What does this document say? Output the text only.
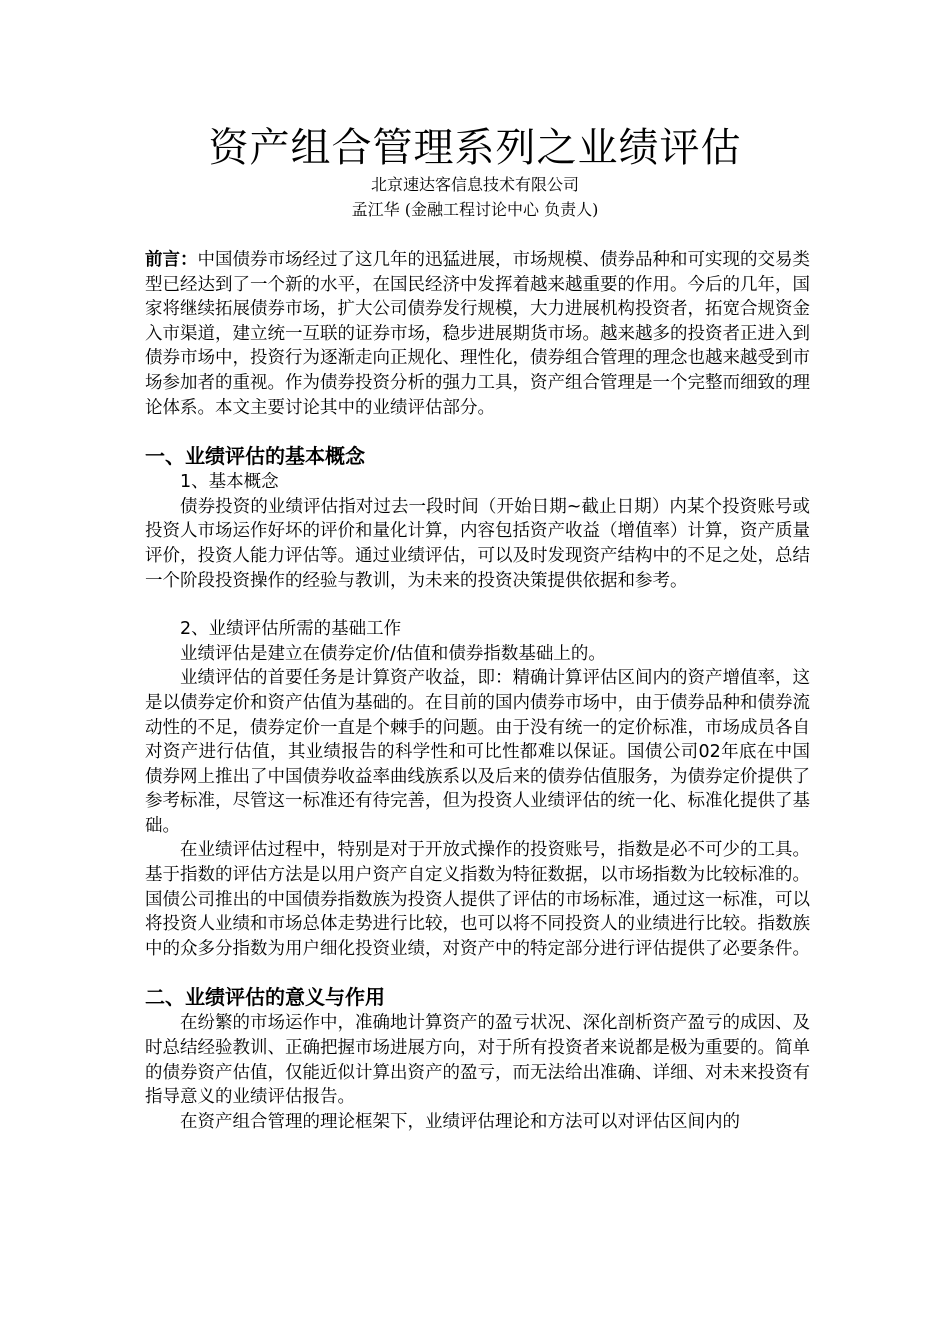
资产组合管理系列之业绩评估

北京速达客信息技术有限公司

孟江华 (金融工程讨论中心 负责人)

前言：中国债券市场经过了这几年的迅猛进展，市场规模、债券品种和可实现的交易类型已经达到了一个新的水平，在国民经济中发挥着越来越重要的作用。今后的几年，国家将继续拓展债券市场，扩大公司债券发行规模，大力进展机构投资者，拓宽合规资金入市渠道，建立统一互联的证券市场，稳步进展期货市场。越来越多的投资者正进入到债券市场中，投资行为逐渐走向正规化、理性化，债券组合管理的理念也越来越受到市场参加者的重视。作为债券投资分析的强力工具，资产组合管理是一个完整而细致的理论体系。本文主要讨论其中的业绩评估部分。

一、业绩评估的基本概念

1、基本概念

债券投资的业绩评估指对过去一段时间（开始日期~截止日期）内某个投资账号或投资人市场运作好坏的评价和量化计算，内容包括资产收益（增值率）计算，资产质量评价，投资人能力评估等。通过业绩评估，可以及时发现资产结构中的不足之处，总结一个阶段投资操作的经验与教训，为未来的投资决策提供依据和参考。

2、业绩评估所需的基础工作

业绩评估是建立在债券定价/估值和债券指数基础上的。

业绩评估的首要任务是计算资产收益，即：精确计算评估区间内的资产增值率，这是以债券定价和资产估值为基础的。在目前的国内债券市场中，由于债券品种和债券流动性的不足，债券定价一直是个棘手的问题。由于没有统一的定价标准，市场成员各自对资产进行估值，其业绩报告的科学性和可比性都难以保证。国债公司02年底在中国债券网上推出了中国债券收益率曲线族系以及后来的债券估值服务，为债券定价提供了参考标准，尽管这一标准还有待完善，但为投资人业绩评估的统一化、标准化提供了基础。

在业绩评估过程中，特别是对于开放式操作的投资账号，指数是必不可少的工具。基于指数的评估方法是以用户资产自定义指数为特征数据，以市场指数为比较标准的。国债公司推出的中国债券指数族为投资人提供了评估的市场标准，通过这一标准，可以将投资人业绩和市场总体走势进行比较，也可以将不同投资人的业绩进行比较。指数族中的众多分指数为用户细化投资业绩，对资产中的特定部分进行评估提供了必要条件。

二、业绩评估的意义与作用

在纷繁的市场运作中，准确地计算资产的盈亏状况、深化剖析资产盈亏的成因、及时总结经验教训、正确把握市场进展方向，对于所有投资者来说都是极为重要的。简单的债券资产估值，仅能近似计算出资产的盈亏，而无法给出准确、详细、对未来投资有指导意义的业绩评估报告。

在资产组合管理的理论框架下，业绩评估理论和方法可以对评估区间内的
